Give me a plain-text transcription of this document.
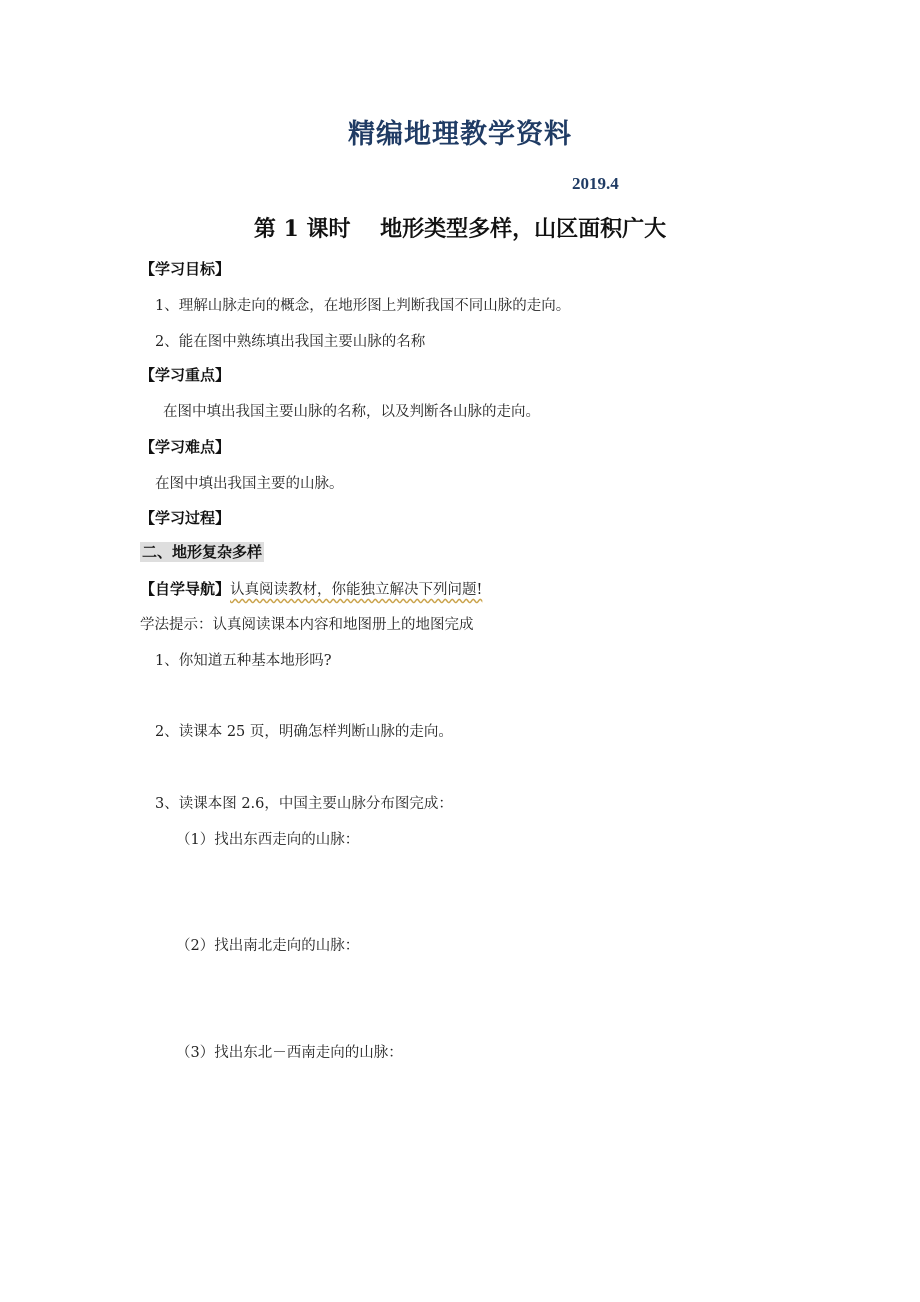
精编地理教学资料
2019.4
第 1 课时　 地形类型多样，山区面积广大
【学习目标】
1、理解山脉走向的概念，在地形图上判断我国不同山脉的走向。
2、能在图中熟练填出我国主要山脉的名称
【学习重点】
在图中填出我国主要山脉的名称，以及判断各山脉的走向。
【学习难点】
在图中填出我国主要的山脉。
【学习过程】
二、地形复杂多样
【自学导航】认真阅读教材，你能独立解决下列问题!
学法提示：认真阅读课本内容和地图册上的地图完成
1、你知道五种基本地形吗?
2、读课本 25 页，明确怎样判断山脉的走向。
3、读课本图 2.6，中国主要山脉分布图完成：
（1）找出东西走向的山脉：
（2）找出南北走向的山脉：
（3）找出东北－西南走向的山脉：
